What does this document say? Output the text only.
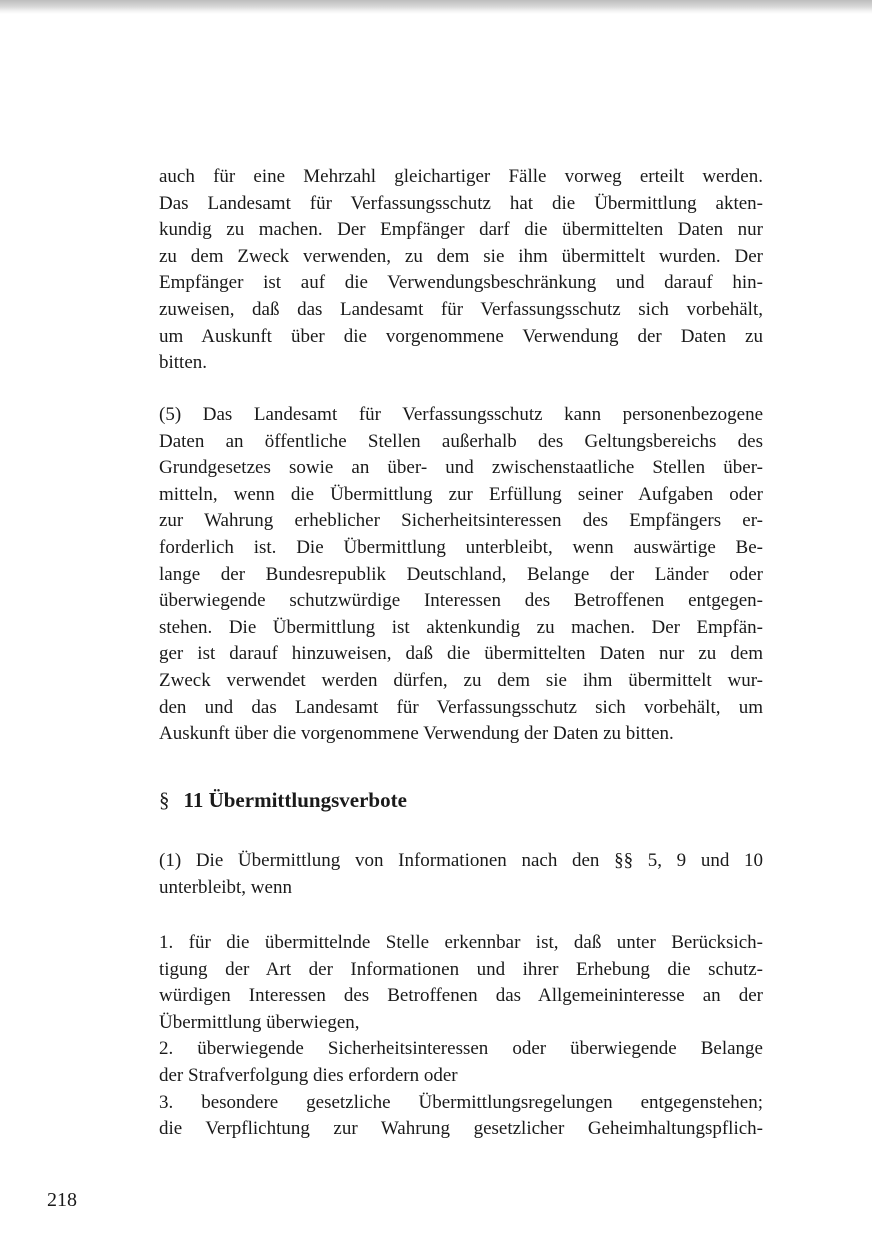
auch für eine Mehrzahl gleichartiger Fälle vorweg erteilt werden.
Das Landesamt für Verfassungsschutz hat die Übermittlung akten-
kundig zu machen. Der Empfänger darf die übermittelten Daten nur
zu dem Zweck verwenden, zu dem sie ihm übermittelt wurden. Der
Empfänger ist auf die Verwendungsbeschränkung und darauf hin-
zuweisen, daß das Landesamt für Verfassungsschutz sich vorbehält,
um Auskunft über die vorgenommene Verwendung der Daten zu
bitten.
(5) Das Landesamt für Verfassungsschutz kann personenbezogene
Daten an öffentliche Stellen außerhalb des Geltungsbereichs des
Grundgesetzes sowie an über- und zwischenstaatliche Stellen über-
mitteln, wenn die Übermittlung zur Erfüllung seiner Aufgaben oder
zur Wahrung erheblicher Sicherheitsinteressen des Empfängers er-
forderlich ist. Die Übermittlung unterbleibt, wenn auswärtige Be-
lange der Bundesrepublik Deutschland, Belange der Länder oder
überwiegende schutzwürdige Interessen des Betroffenen entgegen-
stehen. Die Übermittlung ist aktenkundig zu machen. Der Empfän-
ger ist darauf hinzuweisen, daß die übermittelten Daten nur zu dem
Zweck verwendet werden dürfen, zu dem sie ihm übermittelt wur-
den und das Landesamt für Verfassungsschutz sich vorbehält, um
Auskunft über die vorgenommene Verwendung der Daten zu bitten.
§ 11 Übermittlungsverbote
(1) Die Übermittlung von Informationen nach den §§ 5, 9 und 10
unterbleibt, wenn
1. für die übermittelnde Stelle erkennbar ist, daß unter Berücksich-
tigung der Art der Informationen und ihrer Erhebung die schutz-
würdigen Interessen des Betroffenen das Allgemeininteresse an der
Übermittlung überwiegen,
2. überwiegende Sicherheitsinteressen oder überwiegende Belange
der Strafverfolgung dies erfordern oder
3. besondere gesetzliche Übermittlungsregelungen entgegenstehen;
die Verpflichtung zur Wahrung gesetzlicher Geheimhaltungspflich-
218
